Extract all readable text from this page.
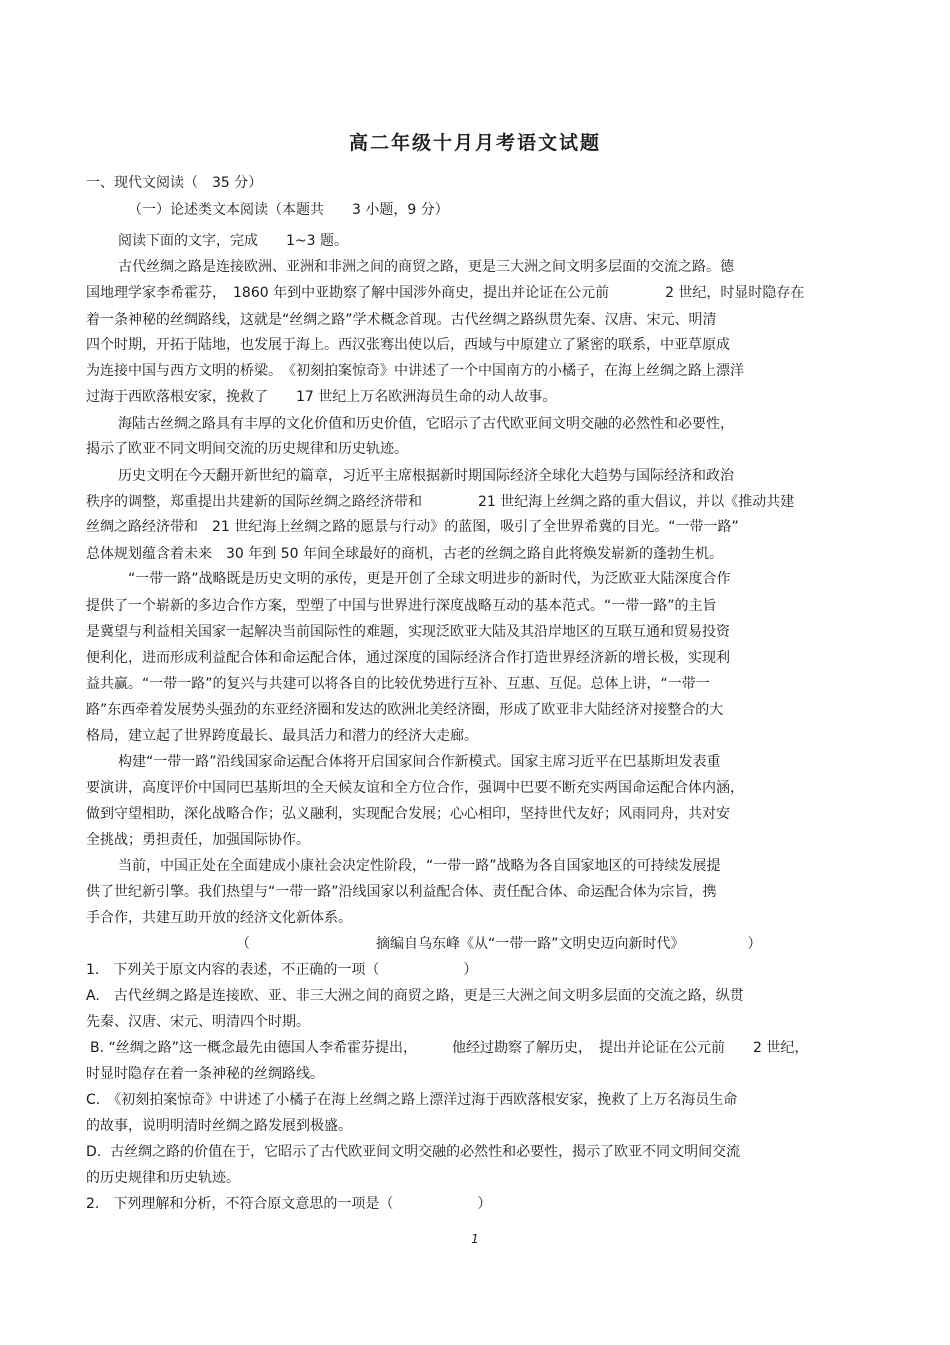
高二年级十月月考语文试题
一、现代文阅读（　35 分）
（一）论述类文本阅读（本题共　　3 小题，9 分）
阅读下面的文字，完成　　1~3 题。
古代丝绸之路是连接欧洲、亚洲和非洲之间的商贸之路，更是三大洲之间文明多层面的交流之路。德
国地理学家李希霍芬，　1860 年到中亚勘察了解中国涉外商史，提出并论证在公元前　　　　2 世纪，时显时隐存在
着一条神秘的丝绸路线，这就是“丝绸之路”学术概念首现。古代丝绸之路纵贯先秦、汉唐、宋元、明清
四个时期，开拓于陆地，也发展于海上。西汉张骞出使以后，西域与中原建立了紧密的联系，中亚草原成
为连接中国与西方文明的桥梁。　《初刻拍案惊奇》中讲述了一个中国南方的小橘子，在海上丝绸之路上漂洋
过海于西欧落根安家，挽救了　　17 世纪上万名欧洲海员生命的动人故事。
海陆古丝绸之路具有丰厚的文化价值和历史价值，它昭示了古代欧亚间文明交融的必然性和必要性，
揭示了欧亚不同文明间交流的历史规律和历史轨迹。
历史文明在今天翻开新世纪的篇章，习近平主席根据新时期国际经济全球化大趋势与国际经济和政治
秩序的调整，郑重提出共建新的国际丝绸之路经济带和　　　　21 世纪海上丝绸之路的重大倡议，并以《推动共建
丝绸之路经济带和　21 世纪海上丝绸之路的愿景与行动》的蓝图，吸引了全世界希冀的目光。“一带一路”
总体规划蕴含着未来　30 年到 50 年间全球最好的商机，古老的丝绸之路自此将焕发崭新的蓬勃生机。
“一带一路”战略既是历史文明的承传，更是开创了全球文明进步的新时代，为泛欧亚大陆深度合作
提供了一个崭新的多边合作方案，型塑了中国与世界进行深度战略互动的基本范式。“一带一路”的主旨
是冀望与利益相关国家一起解决当前国际性的难题，实现泛欧亚大陆及其沿岸地区的互联互通和贸易投资
便利化，进而形成利益配合体和命运配合体，通过深度的国际经济合作打造世界经济新的增长极，实现利
益共赢。“一带一路”的复兴与共建可以将各自的比较优势进行互补、互惠、互促。总体上讲，“一带一
路”东西牵着发展势头强劲的东亚经济圈和发达的欧洲北美经济圈，形成了欧亚非大陆经济对接整合的大
格局，建立起了世界跨度最长、最具活力和潜力的经济大走廊。
构建“一带一路”沿线国家命运配合体将开启国家间合作新模式。国家主席习近平在巴基斯坦发表重
要演讲，高度评价中国同巴基斯坦的全天候友谊和全方位合作，强调中巴要不断充实两国命运配合体内涵，
做到守望相助，深化战略合作；弘义融利，实现配合发展；心心相印，坚持世代友好；风雨同舟，共对安
全挑战；勇担责任，加强国际协作。
当前，中国正处在全面建成小康社会决定性阶段，“一带一路”战略为各自国家地区的可持续发展提
供了世纪新引擎。我们热望与“一带一路”沿线国家以利益配合体、责任配合体、命运配合体为宗旨，携
手合作，共建互助开放的经济文化新体系。
（　　　　　　　　　摘编自乌东峰《从“一带一路”文明史迈向新时代》　　　　　）
1.　下列关于原文内容的表述，不正确的一项（　　　　　　）
A.　古代丝绸之路是连接欧、亚、非三大洲之间的商贸之路，更是三大洲之间文明多层面的交流之路，纵贯
先秦、汉唐、宋元、明清四个时期。
B. “丝绸之路”这一概念最先由德国人李希霍芬提出，　　　他经过勘察了解历史，　提出并论证在公元前　　2 世纪，
时显时隐存在着一条神秘的丝绸路线。
C.　《初刻拍案惊奇》中讲述了小橘子在海上丝绸之路上漂洋过海于西欧落根安家，挽救了上万名海员生命
的故事，说明明清时丝绸之路发展到极盛。
D.  古丝绸之路的价值在于，它昭示了古代欧亚间文明交融的必然性和必要性，揭示了欧亚不同文明间交流
的历史规律和历史轨迹。
2.　下列理解和分析，不符合原文意思的一项是（　　　　　　）
1
